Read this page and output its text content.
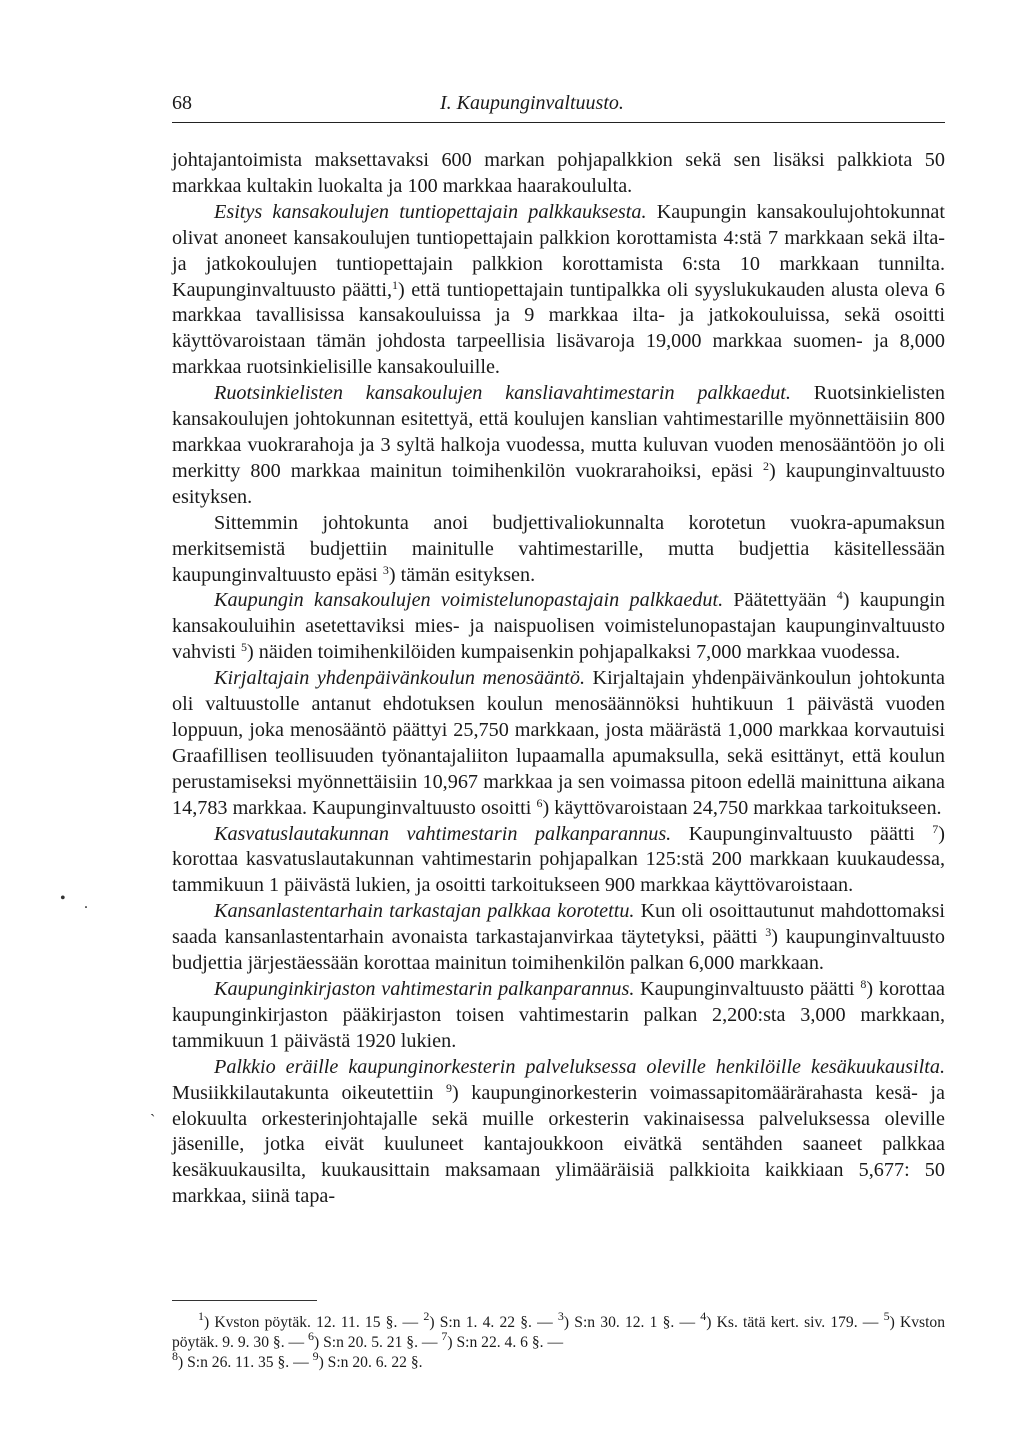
68	I. Kaupunginvaltuusto.

johtajantoimista maksettavaksi 600 markan pohjapalkkion sekä sen lisäksi palkkiota 50 markkaa kultakin luokalta ja 100 markkaa haarakoululta.

Esitys kansakoulujen tuntiopettajain palkkauksesta. Kaupungin kansakoulujohtokunnat olivat anoneet kansakoulujen tuntiopettajain palkkion korottamista 4:stä 7 markkaan sekä ilta- ja jatkokoulujen tuntiopettajain palkkion korottamista 6:sta 10 markkaan tunnilta. Kaupunginvaltuusto päätti,$^1$) että tuntiopettajain tuntipalkka oli syyslukukauden alusta oleva 6 markkaa tavallisissa kansakouluissa ja 9 markkaa ilta- ja jatkokouluissa, sekä osoitti käyttövaroistaan tämän johdosta tarpeellisia lisävaroja 19,000 markkaa suomen- ja 8,000 markkaa ruotsinkielisille kansakouluille.

Ruotsinkielisten kansakoulujen kansliavahtimestarin palkkaedut. Ruotsinkielisten kansakoulujen johtokunnan esitettyä, että koulujen kanslian vahtimestarille myönnettäisiin 800 markkaa vuokrarahoja ja 3 syltä halkoja vuodessa, mutta kuluvan vuoden menosääntöön jo oli merkitty 800 markkaa mainitun toimihenkilön vuokrarahoiksi, epäsi $^2$) kaupunginvaltuusto esityksen.

Sittemmin johtokunta anoi budjettivaliokunnalta korotetun vuokra-apumaksun merkitsemistä budjettiin mainitulle vahtimestarille, mutta budjettia käsitellessään kaupunginvaltuusto epäsi $^3$) tämän esityksen.

Kaupungin kansakoulujen voimistelunopastajain palkkaedut. Päätettyään $^4$) kaupungin kansakouluihin asetettaviksi mies- ja naispuolisen voimistelunopastajan kaupunginvaltuusto vahvisti $^5$) näiden toimihenkilöiden kumpaisenkin pohjapalkaksi 7,000 markkaa vuodessa.

Kirjaltajain yhdenpäivänkoulun menosääntö. Kirjaltajain yhdenpäivänkoulun johtokunta oli valtuustolle antanut ehdotuksen koulun menosäännöksi huhtikuun 1 päivästä vuoden loppuun, joka menosääntö päättyi 25,750 markkaan, josta määrästä 1,000 markkaa korvautuisi Graafillisen teollisuuden työnantajaliiton lupaamalla apumaksulla, sekä esittänyt, että koulun perustamiseksi myönnettäisiin 10,967 markkaa ja sen voimassa pitoon edellä mainittuna aikana 14,783 markkaa. Kaupunginvaltuusto osoitti $^6$) käyttövaroistaan 24,750 markkaa tarkoitukseen.

Kasvatuslautakunnan vahtimestarin palkanparannus. Kaupunginvaltuusto päätti $^7$) korottaa kasvatuslautakunnan vahtimestarin pohjapalkan 125:stä 200 markkaan kuukaudessa, tammikuun 1 päivästä lukien, ja osoitti tarkoitukseen 900 markkaa käyttövaroistaan.

Kansanlastentarhain tarkastajan palkkaa korotettu. Kun oli osoittautunut mahdottomaksi saada kansanlastentarhain avonaista tarkastajanvirkaa täytetyksi, päätti $^3$) kaupunginvaltuusto budjettia järjestäessään korottaa mainitun toimihenkilön palkan 6,000 markkaan.

Kaupunginkirjaston vahtimestarin palkanparannus. Kaupunginvaltuusto päätti $^8$) korottaa kaupunginkirjaston pääkirjaston toisen vahtimestarin palkan 2,200:sta 3,000 markkaan, tammikuun 1 päivästä 1920 lukien.

Palkkio eräille kaupunginorkesterin palveluksessa oleville henkilöille kesäkuukausilta. Musiikkilautakunta oikeutettiin $^9$) kaupunginorkesterin voimassapitomäärärahasta kesä- ja elokuulta orkesterinjohtajalle sekä muille orkesterin vakinaisessa palveluksessa oleville jäsenille, jotka eivät kuuluneet kantajoukkoon eivätkä sentähden saaneet palkkaa kesäkuukausilta, kuukausittain maksamaan ylimääräisiä palkkioita kaikkiaan 5,677: 50 markkaa, siinä tapa-

$^1$) Kvston pöytäk. 12. 11. 15 §. — $^2$) S:n 1. 4. 22 §. — $^3$) S:n 30. 12. 1 §. — $^4$) Ks. tätä kert. siv. 179. — $^5$) Kvston pöytäk. 9. 9. 30 §. — $^6$) S:n 20. 5. 21 §. — $^7$) S:n 22. 4. 6 §. —
$^8$) S:n 26. 11. 35 §. — $^9$) S:n 20. 6. 22 §.

• .
`
